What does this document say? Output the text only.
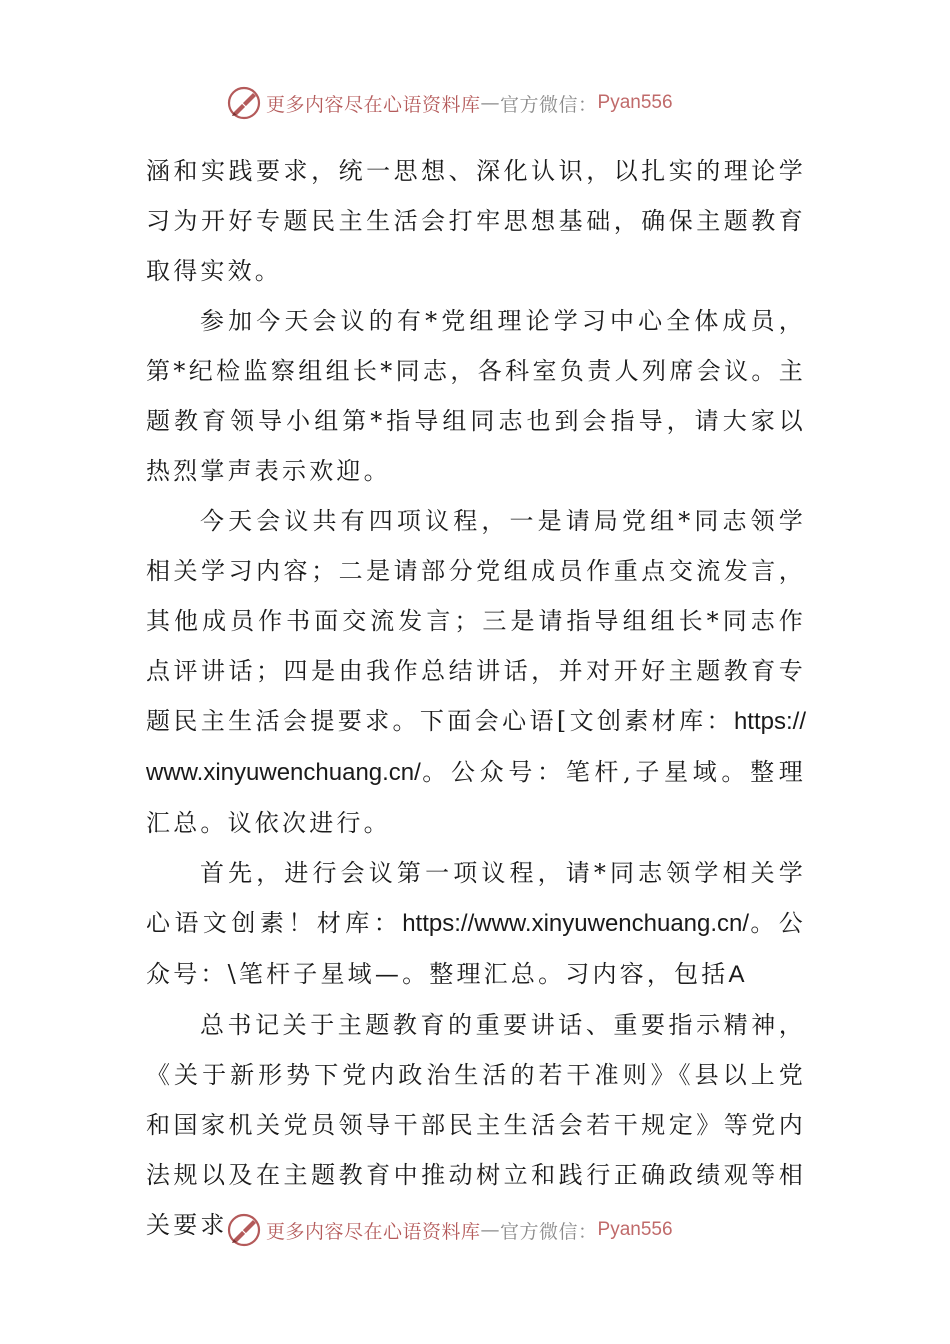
更多内容尽在心语资料库 — 官方微信： Pyan556

涵和实践要求，统一思想、深化认识，以扎实的理论学习为开好专题民主生活会打牢思想基础，确保主题教育取得实效。

参加今天会议的有*党组理论学习中心全体成员，第*纪检监察组组长*同志，各科室负责人列席会议。主题教育领导小组第*指导组同志也到会指导，请大家以热烈掌声表示欢迎。

今天会议共有四项议程，一是请局党组*同志领学相关学习内容；二是请部分党组成员作重点交流发言，其他成员作书面交流发言；三是请指导组组长*同志作点评讲话；四是由我作总结讲话，并对开好主题教育专题民主生活会提要求。下面会心语[文创素材库：https://www.xinyuwenchuang.cn/。公众号：笔杆,子星域。整理汇总。议依次进行。

首先，进行会议第一项议程，请*同志领学相关学心语文创素！材库：https://www.xinyuwenchuang.cn/。公众号：\笔杆子星域—。整理汇总。习内容，包括A

总书记关于主题教育的重要讲话、重要指示精神，《关于新形势下党内政治生活的若干准则》《县以上党和国家机关党员领导干部民主生活会若干规定》等党内法规以及在主题教育中推动树立和践行正确政绩观等相关要求	更多内容尽在心语资料库 — 官方微信： Pyan556
